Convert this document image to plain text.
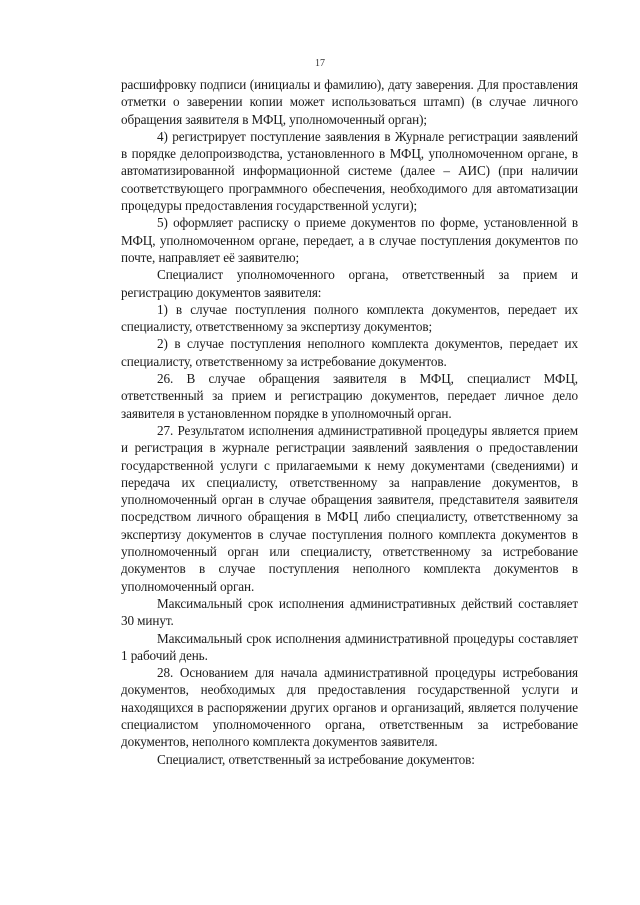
17

расшифровку подписи (инициалы и фамилию), дату заверения. Для проставления отметки о заверении копии может использоваться штамп) (в случае личного обращения заявителя в МФЦ, уполномоченный орган);

4) регистрирует поступление заявления в Журнале регистрации заявлений в порядке делопроизводства, установленного в МФЦ, уполномоченном органе, в автоматизированной информационной системе (далее – АИС) (при наличии соответствующего программного обеспечения, необходимого для автоматизации процедуры предоставления государственной услуги);

5) оформляет расписку о приеме документов по форме, установленной в МФЦ, уполномоченном органе, передает, а в случае поступления документов по почте, направляет её заявителю;

Специалист уполномоченного органа, ответственный за прием и регистрацию документов заявителя:

1) в случае поступления полного комплекта документов, передает их специалисту, ответственному за экспертизу документов;

2) в случае поступления неполного комплекта документов, передает их специалисту, ответственному за истребование документов.

26. В случае обращения заявителя в МФЦ, специалист МФЦ, ответственный за прием и регистрацию документов, передает личное дело заявителя в установленном порядке в уполномочный орган.

27. Результатом исполнения административной процедуры является прием и регистрация в журнале регистрации заявлений заявления о предоставлении государственной услуги с прилагаемыми к нему документами (сведениями) и передача их специалисту, ответственному за направление документов, в уполномоченный орган в случае обращения заявителя, представителя заявителя посредством личного обращения в МФЦ либо специалисту, ответственному за экспертизу документов в случае поступления полного комплекта документов в уполномоченный орган или специалисту, ответственному за истребование документов в случае поступления неполного комплекта документов в уполномоченный орган.

Максимальный срок исполнения административных действий составляет 30 минут.

Максимальный срок исполнения административной процедуры составляет 1 рабочий день.

28. Основанием для начала административной процедуры истребования документов, необходимых для предоставления государственной услуги и находящихся в распоряжении других органов и организаций, является получение специалистом уполномоченного органа, ответственным за истребование документов, неполного комплекта документов заявителя.

Специалист, ответственный за истребование документов:
